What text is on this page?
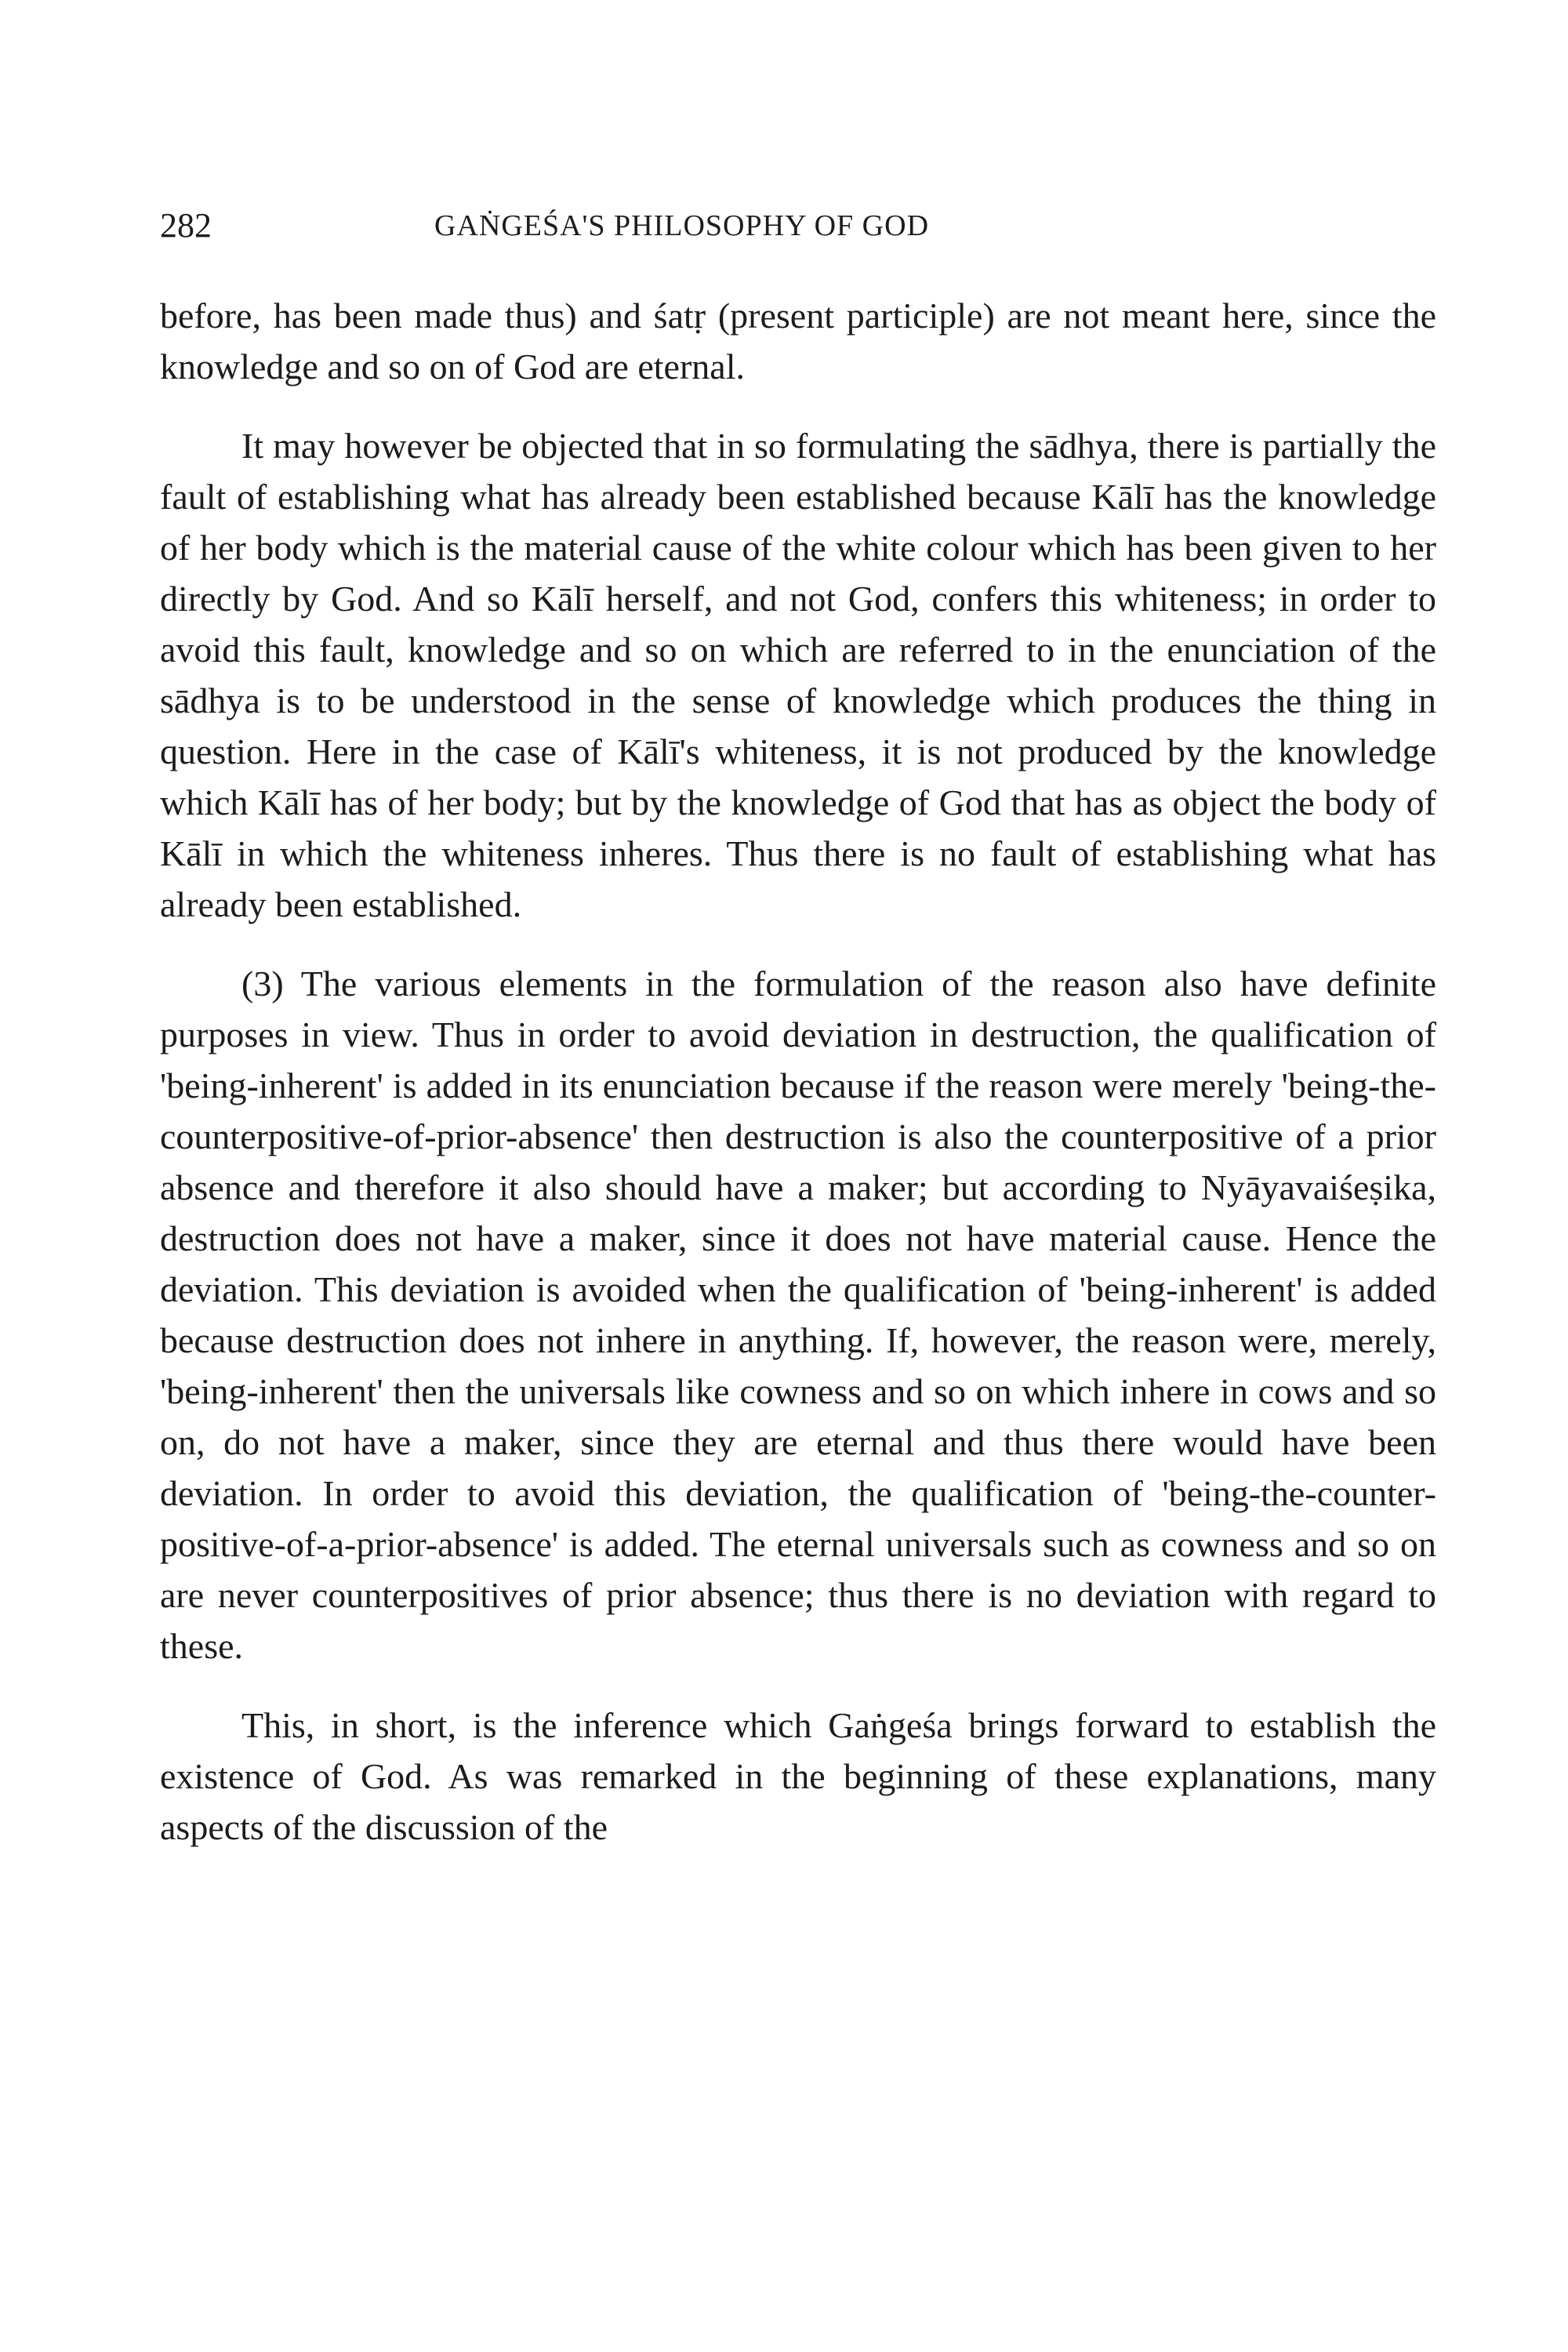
282	GAṄGEŚA'S PHILOSOPHY OF GOD

before, has been made thus) and śatṛ (present participle) are not meant here, since the knowledge and so on of God are eternal.

It may however be objected that in so formulating the sādhya, there is partially the fault of establishing what has already been established because Kālī has the knowledge of her body which is the material cause of the white colour which has been given to her directly by God. And so Kālī herself, and not God, confers this whiteness; in order to avoid this fault, knowledge and so on which are referred to in the enunciation of the sādhya is to be understood in the sense of knowledge which produces the thing in question. Here in the case of Kālī's whiteness, it is not produced by the knowledge which Kālī has of her body; but by the knowledge of God that has as object the body of Kālī in which the whiteness inheres. Thus there is no fault of establishing what has already been established.

(3) The various elements in the formulation of the reason also have definite purposes in view. Thus in order to avoid deviation in destruction, the qualification of 'being-inherent' is added in its enunciation because if the reason were merely 'being-the-counterpositive-of-prior-absence' then destruction is also the counterpositive of a prior absence and therefore it also should have a maker; but according to Nyāyavaiśeṣika, destruction does not have a maker, since it does not have material cause. Hence the deviation. This deviation is avoided when the qualification of 'being-inherent' is added because destruction does not inhere in anything. If, however, the reason were, merely, 'being-inherent' then the universals like cowness and so on which inhere in cows and so on, do not have a maker, since they are eternal and thus there would have been deviation. In order to avoid this deviation, the qualification of 'being-the-counter-positive-of-a-prior-absence' is added. The eternal universals such as cowness and so on are never counterpositives of prior absence; thus there is no deviation with regard to these.

This, in short, is the inference which Gaṅgeśa brings forward to establish the existence of God. As was remarked in the beginning of these explanations, many aspects of the discussion of the
